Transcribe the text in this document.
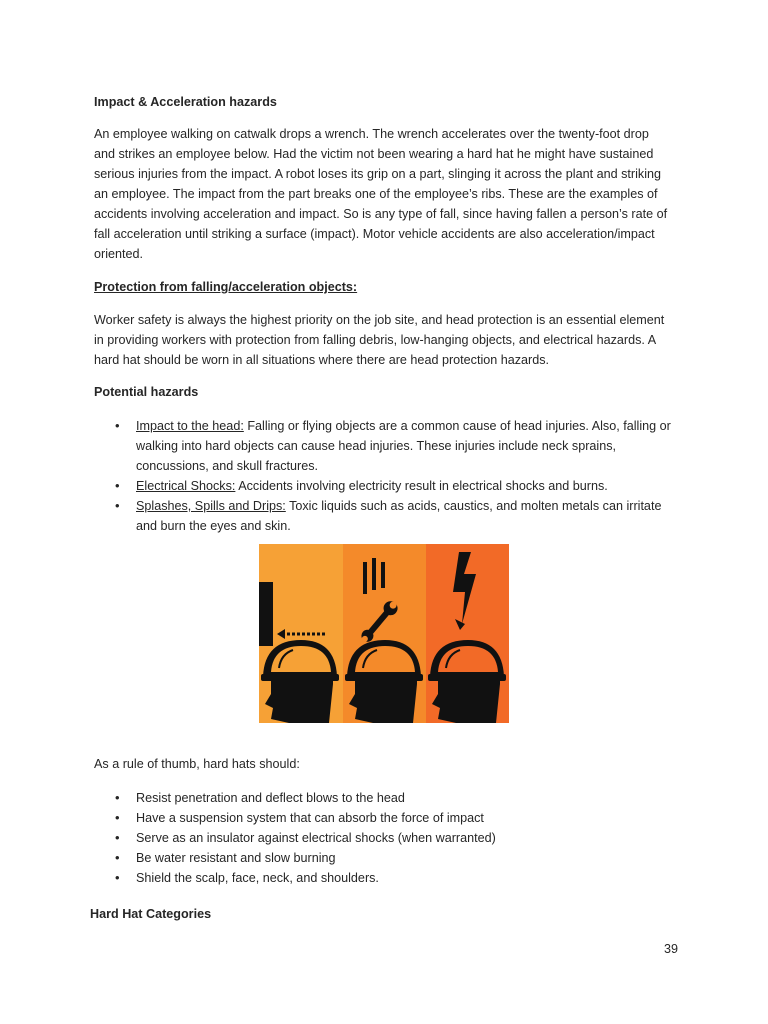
Impact & Acceleration hazards
An employee walking on catwalk drops a wrench. The wrench accelerates over the twenty-foot drop
and strikes an employee below. Had the victim not been wearing a hard hat he might have sustained
serious injuries from the impact. A robot loses its grip on a part, slinging it across the plant and striking
an employee. The impact from the part breaks one of the employee’s ribs. These are the examples of
accidents involving acceleration and impact. So is any type of fall, since having fallen a person’s rate of
fall acceleration until striking a surface (impact). Motor vehicle accidents are also acceleration/impact
oriented.
Protection from falling/acceleration objects:
Worker safety is always the highest priority on the job site, and head protection is an essential element
in providing workers with protection from falling debris, low-hanging objects, and electrical hazards. A
hard hat should be worn in all situations where there are head protection hazards.
Potential hazards
• Impact to the head: Falling or flying objects are a common cause of head injuries. Also, falling or
walking into hard objects can cause head injuries. These injuries include neck sprains,
concussions, and skull fractures.
• Electrical Shocks: Accidents involving electricity result in electrical shocks and burns.
• Splashes, Spills and Drips: Toxic liquids such as acids, caustics, and molten metals can irritate
and burn the eyes and skin.
As a rule of thumb, hard hats should:
• Resist penetration and deflect blows to the head
• Have a suspension system that can absorb the force of impact
• Serve as an insulator against electrical shocks (when warranted)
• Be water resistant and slow burning
• Shield the scalp, face, neck, and shoulders.
Hard Hat Categories
39
